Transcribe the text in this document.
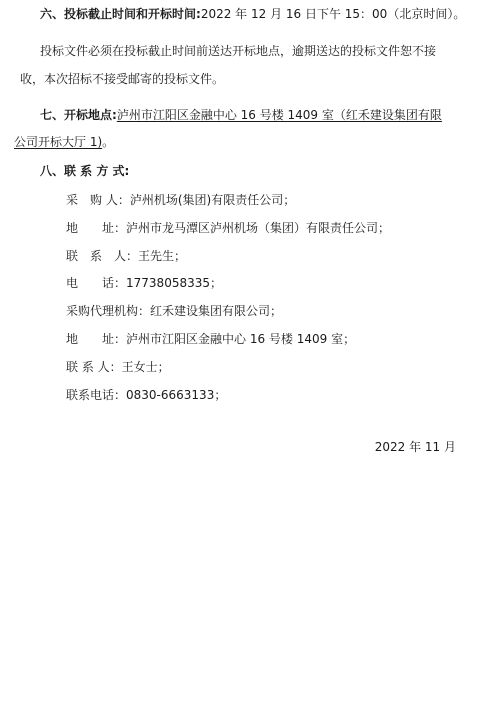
六、投标截止时间和开标时间:2022 年 12 月 16 日下午 15：00（北京时间）。
投标文件必须在投标截止时间前送达开标地点，逾期送达的投标文件恕不接
收，本次招标不接受邮寄的投标文件。
七、开标地点:泸州市江阳区金融中心 16 号楼 1409 室（红禾建设集团有限
公司开标大厅 1)。
八、联 系 方 式:
采　购 人：泸州机场(集团)有限责任公司；
地　　址：泸州市龙马潭区泸州机场（集团）有限责任公司；
联　系　人：王先生；
电　　话：17738058335；
采购代理机构：红禾建设集团有限公司；
地　　址：泸州市江阳区金融中心 16 号楼 1409 室；
联 系 人：王女士；
联系电话：0830-6663133；
2022 年 11 月
